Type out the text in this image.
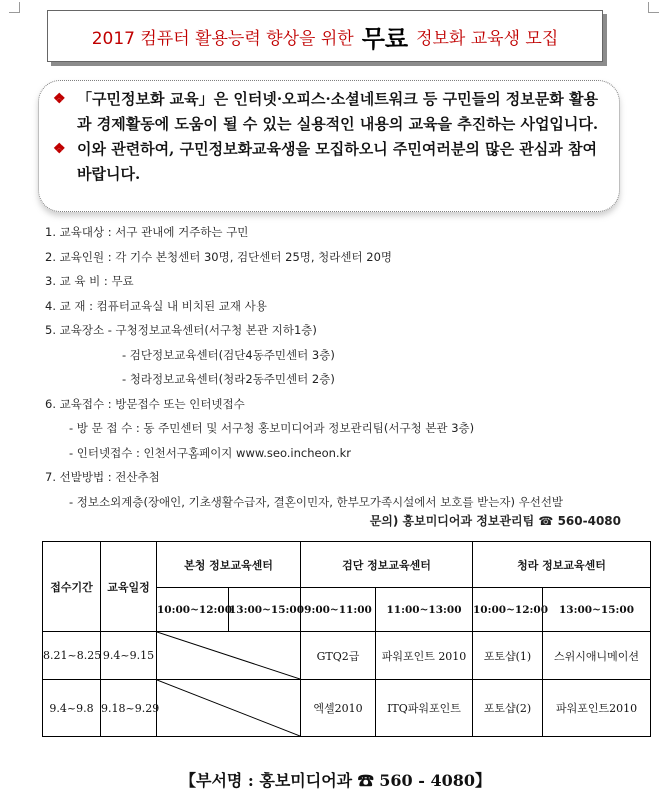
2017 컴퓨터 활용능력 향상을 위한 무료 정보화 교육생 모집
❖ 「구민정보화 교육」은 인터넷·오피스·소셜네트워크 등 구민들의 정보문화 활용과 경제활동에 도움이 될 수 있는 실용적인 내용의 교육을 추진하는 사업입니다.
❖ 이와 관련하여, 구민정보화교육생을 모집하오니 주민여러분의 많은 관심과 참여 바랍니다.
1. 교육대상 : 서구 관내에 거주하는 구민
2. 교육인원 : 각 기수 본청센터 30명, 검단센터 25명, 청라센터 20명
3. 교 육 비 : 무료
4. 교 재 : 컴퓨터교육실 내 비치된 교재 사용
5. 교육장소 - 구청정보교육센터(서구청 본관 지하1층)
- 검단정보교육센터(검단4동주민센터 3층)
- 청라정보교육센터(청라2동주민센터 2층)
6. 교육접수 : 방문접수 또는 인터넷접수
- 방 문 접 수 : 동 주민센터 및 서구청 홍보미디어과 정보관리팀(서구청 본관 3층)
- 인터넷접수 : 인천서구홈페이지 www.seo.incheon.kr
7. 선발방법 : 전산추첨
- 정보소외계층(장애인, 기초생활수급자, 결혼이민자, 한부모가족시설에서 보호를 받는자) 우선선발
문의) 홍보미디어과 정보관리팀 ☎ 560-4080
접수기간	교육일정	본청 정보교육센터		검단 정보교육센터		청라 정보교육센터	
		10:00~12:00	13:00~15:00	9:00~11:00	11:00~13:00	10:00~12:00	13:00~15:00
8.21~8.25	9.4~9.15			GTQ2급	파워포인트 2010	포토샵(1)	스위시애니메이션
9.4~9.8	9.18~9.29			엑셀2010	ITQ파워포인트	포토샵(2)	파워포인트2010
【부서명 : 홍보미디어과 ☎ 560 - 4080】
